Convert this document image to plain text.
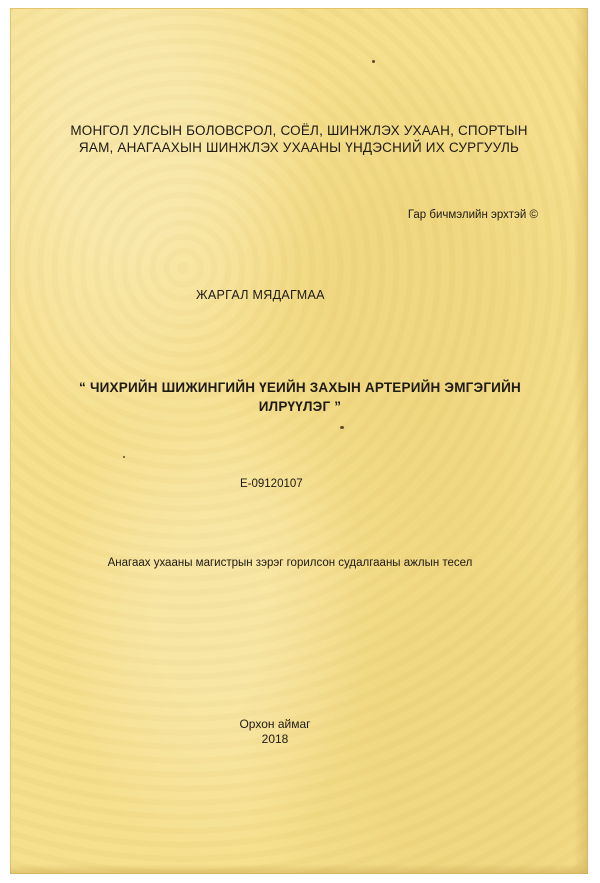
МОНГОЛ УЛСЫН БОЛОВСРОЛ, СОЁЛ, ШИНЖЛЭХ УХААН, СПОРТЫН
ЯАМ, АНАГААХЫН ШИНЖЛЭХ УХААНЫ ҮНДЭСНИЙ ИХ СУРГУУЛЬ
Гар бичмэлийн эрхтэй ©
ЖАРГАЛ МЯДАГМАА
“ ЧИХРИЙН ШИЖИНГИЙН ҮЕИЙН ЗАХЫН АРТЕРИЙН ЭМГЭГИЙН
ИЛРҮҮЛЭГ ”
E-09120107
Анагаах ухааны магистрын зэрэг горилсон судалгааны ажлын тесел
Орхон аймаг
2018
